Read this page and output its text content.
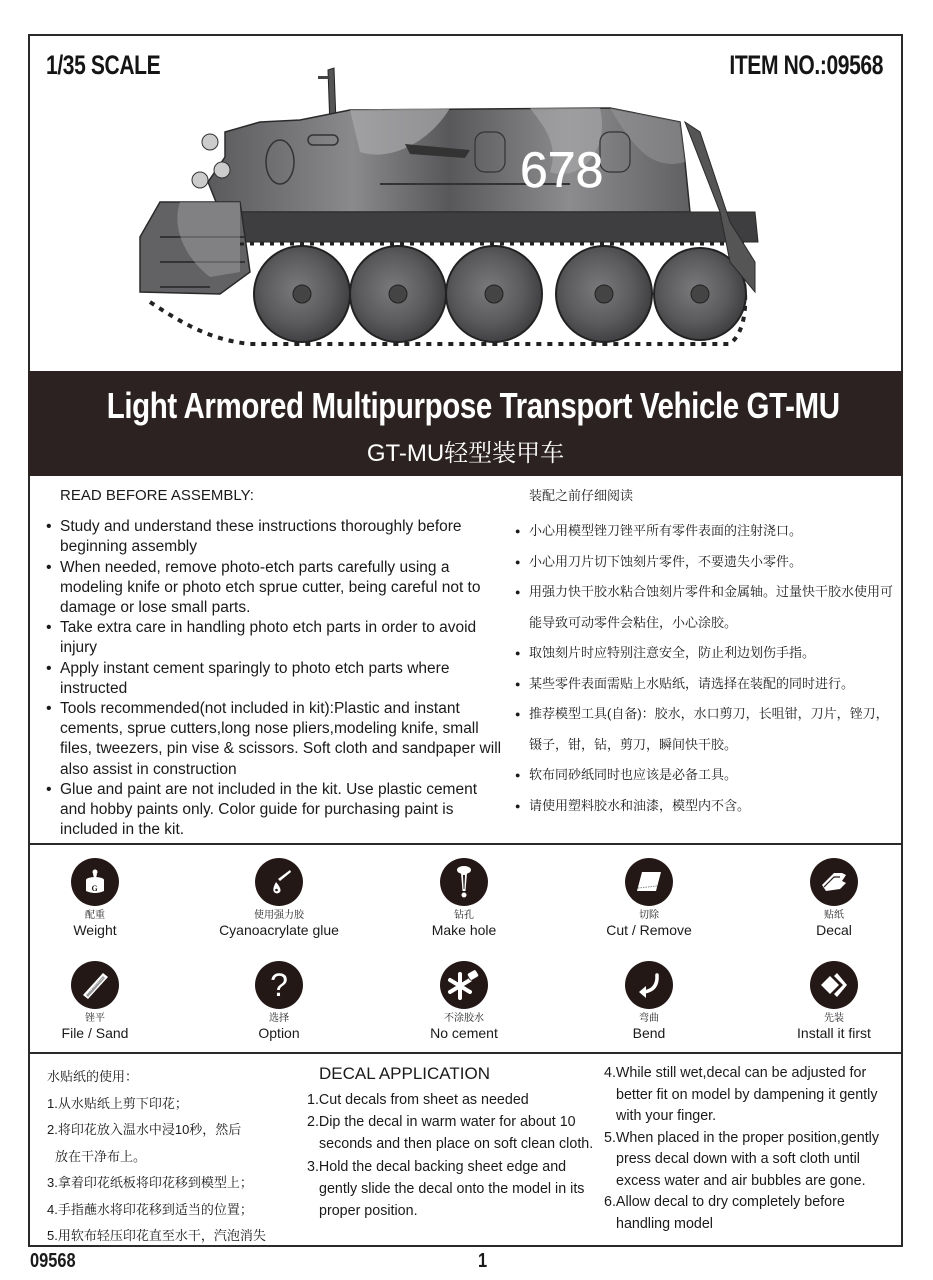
1/35 SCALE	ITEM NO.:09568
678
Light Armored Multipurpose Transport Vehicle GT-MU
GT-MU轻型装甲车
READ BEFORE ASSEMBLY:
• Study and understand these instructions thoroughly before beginning assembly
• When needed, remove photo-etch parts carefully using a modeling knife or photo etch sprue cutter, being careful not to damage or lose small parts.
• Take extra care in handling photo etch parts in order to avoid injury
• Apply instant cement sparingly to photo etch parts where instructed
• Tools recommended(not included in kit):Plastic and instant cements, sprue cutters,long nose pliers,modeling knife, small files, tweezers, pin vise & scissors. Soft cloth and sandpaper will also assist in construction
• Glue and paint are not included in the kit. Use plastic cement and hobby paints only. Color guide for purchasing paint is included in the kit.
装配之前仔细阅读
● 小心用模型锉刀锉平所有零件表面的注射浇口。
● 小心用刀片切下蚀刻片零件，不要遗失小零件。
● 用强力快干胶水粘合蚀刻片零件和金属轴。过量快干胶水使用可能导致可动零件会粘住，小心涂胶。
● 取蚀刻片时应特别注意安全，防止利边划伤手指。
● 某些零件表面需贴上水贴纸，请选择在装配的同时进行。
● 推荐模型工具(自备)：胶水，水口剪刀，长咀钳，刀片，锉刀，镊子，钳，钻，剪刀，瞬间快干胶。
● 软布同砂纸同时也应该是必备工具。
● 请使用塑料胶水和油漆，模型内不含。
G
配重
Weight
使用强力胶
Cyanoacrylate glue
钻孔
Make hole
切除
Cut / Remove
贴纸
Decal
锉平
File / Sand
?
选择
Option
不涂胶水
No cement
弯曲
Bend
先装
Install it first
水贴纸的使用：
1.从水贴纸上剪下印花；
2.将印花放入温水中浸10秒，然后
放在干净布上。
3.拿着印花纸板将印花移到模型上；
4.手指蘸水将印花移到适当的位置；
5.用软布轻压印花直至水干，汽泡消失
DECAL APPLICATION
1.Cut decals from sheet as needed
2.Dip the decal in warm water for about 10 seconds and then place on soft clean cloth.
3.Hold the decal backing sheet edge and gently slide the decal onto the model in its proper position.
4.While still wet,decal can be adjusted for better fit on model by dampening it gently with your finger.
5.When placed in the proper position,gently press decal down with a soft cloth until excess water and air bubbles are gone.
6.Allow decal to dry completely before handling model
09568	1
